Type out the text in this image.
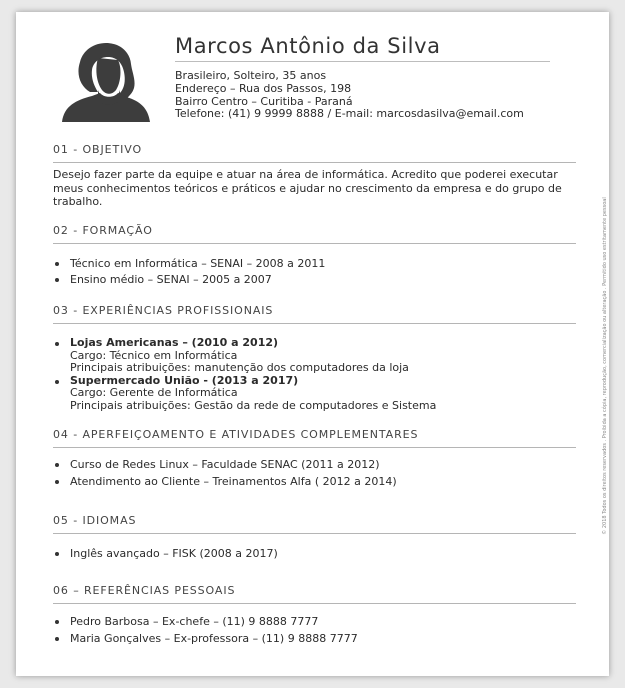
Marcos Antônio da Silva
Brasileiro, Solteiro, 35 anos
Endereço – Rua dos Passos, 198
Bairro Centro – Curitiba - Paraná
Telefone: (41) 9 9999 8888 / E-mail: marcosdasilva@email.com
01 - OBJETIVO
Desejo fazer parte da equipe e atuar na área de informática. Acredito que poderei executar meus conhecimentos teóricos e práticos e ajudar no crescimento da empresa e do grupo de trabalho.
02 - FORMAÇÃO
Técnico em Informática – SENAI – 2008 a 2011
Ensino médio – SENAI – 2005 a 2007
03 - EXPERIÊNCIAS PROFISSIONAIS
Lojas Americanas – (2010 a 2012)
Cargo: Técnico em Informática
Principais atribuições: manutenção dos computadores da loja
Supermercado União - (2013 a 2017)
Cargo: Gerente de Informática
Principais atribuições: Gestão da rede de computadores e Sistema
04 - APERFEIÇOAMENTO E ATIVIDADES COMPLEMENTARES
Curso de Redes Linux – Faculdade SENAC (2011 a 2012)
Atendimento ao Cliente – Treinamentos Alfa ( 2012 a 2014)
05 - IDIOMAS
Inglês avançado – FISK (2008 a 2017)
06 – REFERÊNCIAS PESSOAIS
Pedro Barbosa – Ex-chefe – (11) 9 8888 7777
Maria Gonçalves – Ex-professora – (11) 9 8888 7777
© 2018 Todos os direitos reservados . Proibida a cópia, reprodução, comercialização ou alteração . Permitido uso estritamente pessoal
